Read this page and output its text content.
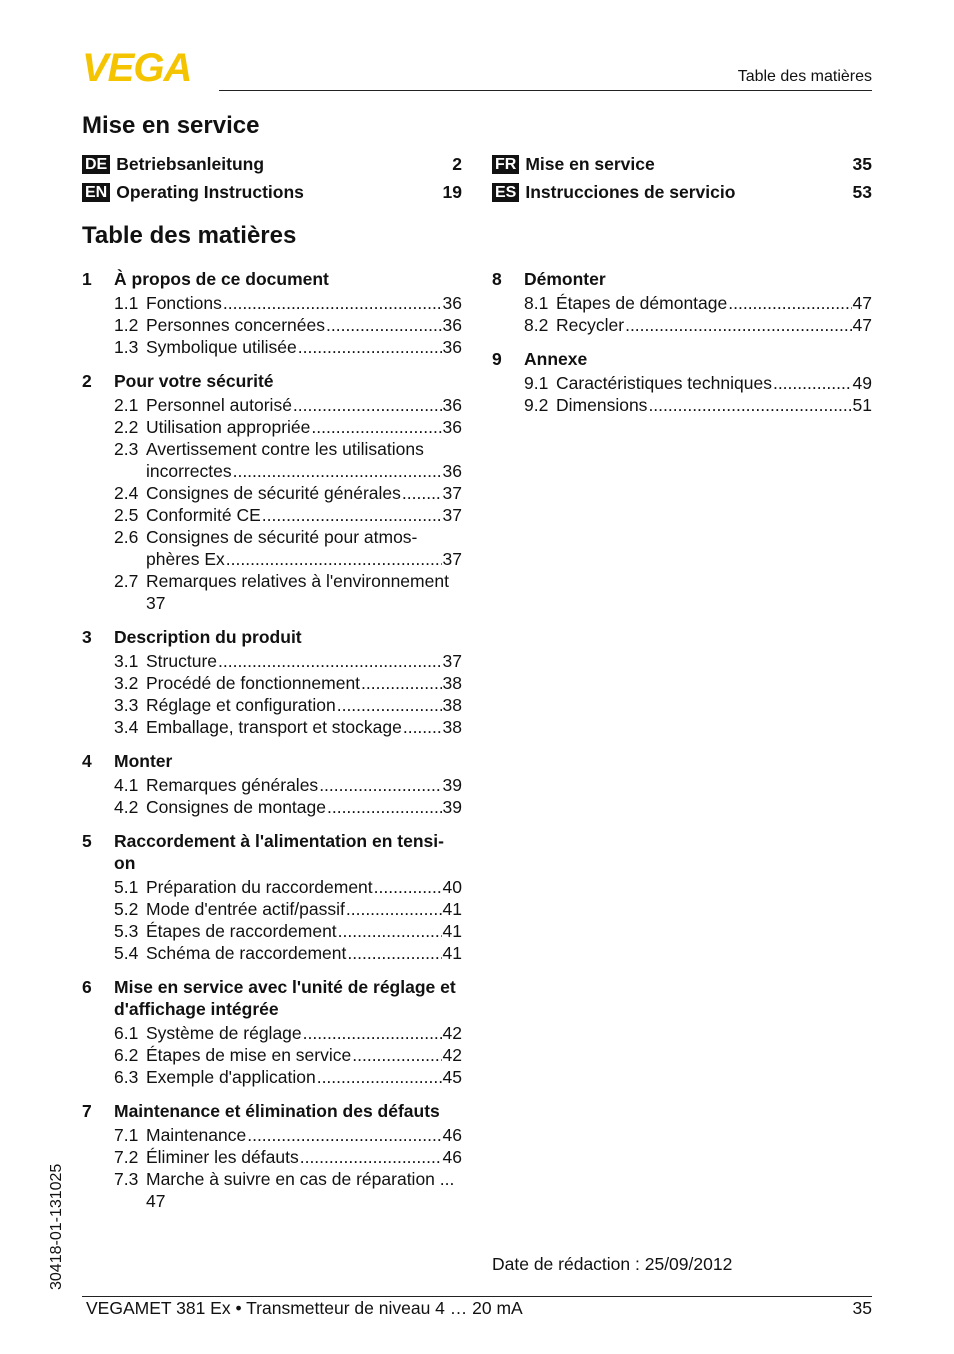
VEGA	Table des matières
Mise en service
DE Betriebsanleitung	2
EN Operating Instructions	19
FR Mise en service	35
ES Instrucciones de servicio	53
Table des matières
1	À propos de ce document
1.1 Fonctions .....	36
1.2 Personnes concernées .....	36
1.3 Symbolique utilisée .....	36
2	Pour votre sécurité
2.1 Personnel autorisé .....	36
2.2 Utilisation appropriée .....	36
2.3 Avertissement contre les utilisations
incorrectes .....	36
2.4 Consignes de sécurité générales ..... 37
2.5 Conformité CE .....	37
2.6 Consignes de sécurité pour atmos-
phères Ex .....	37
2.7 Remarques relatives à l'environnement
37
3	Description du produit
3.1 Structure .....	37
3.2 Procédé de fonctionnement .....	38
3.3 Réglage et configuration .....	38
3.4 Emballage, transport et stockage ..... 38
4	Monter
4.1 Remarques générales .....	39
4.2 Consignes de montage .....	39
5	Raccordement à l'alimentation en tensi-
on
5.1 Préparation du raccordement .....	40
5.2 Mode d'entrée actif/passif .....	41
5.3 Étapes de raccordement .....	41
5.4 Schéma de raccordement .....	41
6	Mise en service avec l'unité de réglage et d'affichage intégrée
6.1 Système de réglage .....	42
6.2 Étapes de mise en service .....	42
6.3 Exemple d'application .....	45
7	Maintenance et élimination des défauts
7.1 Maintenance .....	46
7.2 Éliminer les défauts .....	46
7.3 Marche à suivre en cas de réparation ...
47
8	Démonter
8.1 Étapes de démontage .....	47
8.2 Recycler .....	47
9	Annexe
9.1 Caractéristiques techniques .....	49
9.2 Dimensions .....	51
Date de rédaction : 25/09/2012
30418-01-131025
VEGAMET 381 Ex • Transmetteur de niveau 4 … 20 mA	35
